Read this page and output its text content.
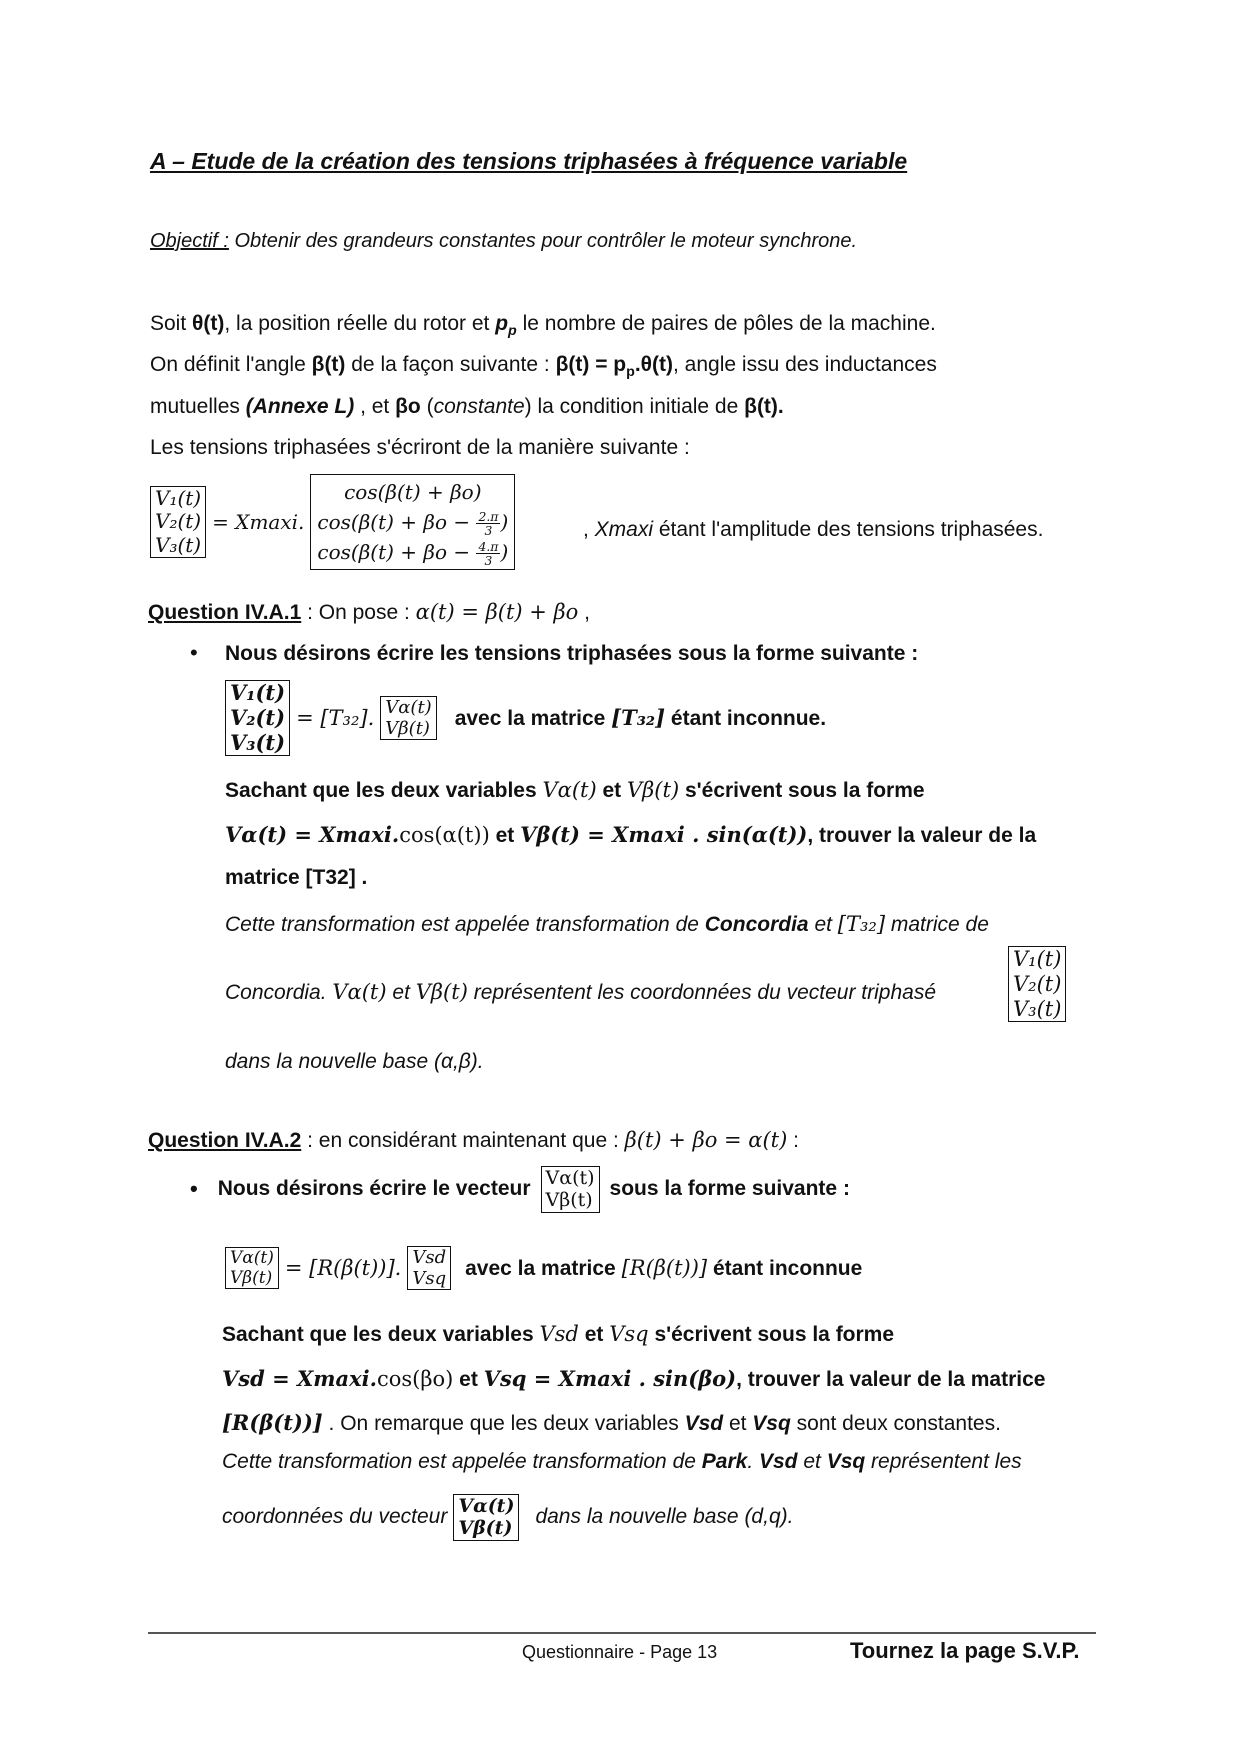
A – Etude de la création des tensions triphasées à fréquence variable
Objectif : Obtenir des grandeurs constantes pour contrôler le moteur synchrone.
Soit θ(t), la position réelle du rotor et $p_p$ le nombre de paires de pôles de la machine.
On définit l'angle β(t) de la façon suivante : $\beta(t) = p_p.\theta(t)$, angle issu des inductances
mutuelles (Annexe L) , et βo (constante) la condition initiale de β(t).
Les tensions triphasées s'écriront de la manière suivante :
V₁(t)
V₂(t)
V₃(t)
= Xmaxi.
cos(β(t) + βo)
$\cos(\beta(t) + \beta o - \frac{2.\pi}{3}$ )
$\cos(\beta(t) + \beta o - \frac{4.\pi}{3}$ )
, Xmaxi étant l'amplitude des tensions triphasées.
Question IV.A.1 : On pose : α(t) = β(t) + βo ,
• Nous désirons écrire les tensions triphasées sous la forme suivante :
V₁(t)
V₂(t)
V₃(t)
= [T₃₂]. Vα(t)
Vβ(t) avec la matrice [T₃₂] étant inconnue.
Sachant que les deux variables Vα(t) et Vβ(t) s'écrivent sous la forme
Vα(t) = Xmaxi.cos(α(t)) et Vβ(t) = Xmaxi . sin(α(t)), trouver la valeur de la
matrice [T32] .
Cette transformation est appelée transformation de Concordia et [T₃₂] matrice de
Concordia. Vα(t) et Vβ(t) représentent les coordonnées du vecteur triphasé
V₁(t)
V₂(t)
V₃(t)
dans la nouvelle base (α,β).
Question IV.A.2 : en considérant maintenant que : β(t) + βo = α(t) :
• Nous désirons écrire le vecteur Vα(t)
Vβ(t) sous la forme suivante :
Vα(t)
Vβ(t) = [R(β(t))]. Vsd
Vsq avec la matrice [R(β(t))] étant inconnue
Sachant que les deux variables Vsd et Vsq s'écrivent sous la forme
Vsd = Xmaxi.cos(βo) et Vsq = Xmaxi . sin(βo), trouver la valeur de la matrice
[R(β(t))] . On remarque que les deux variables Vsd et Vsq sont deux constantes.
Cette transformation est appelée transformation de Park. Vsd et Vsq représentent les
coordonnées du vecteur Vα(t)
Vβ(t) dans la nouvelle base (d,q).
Questionnaire - Page 13	Tournez la page S.V.P.
